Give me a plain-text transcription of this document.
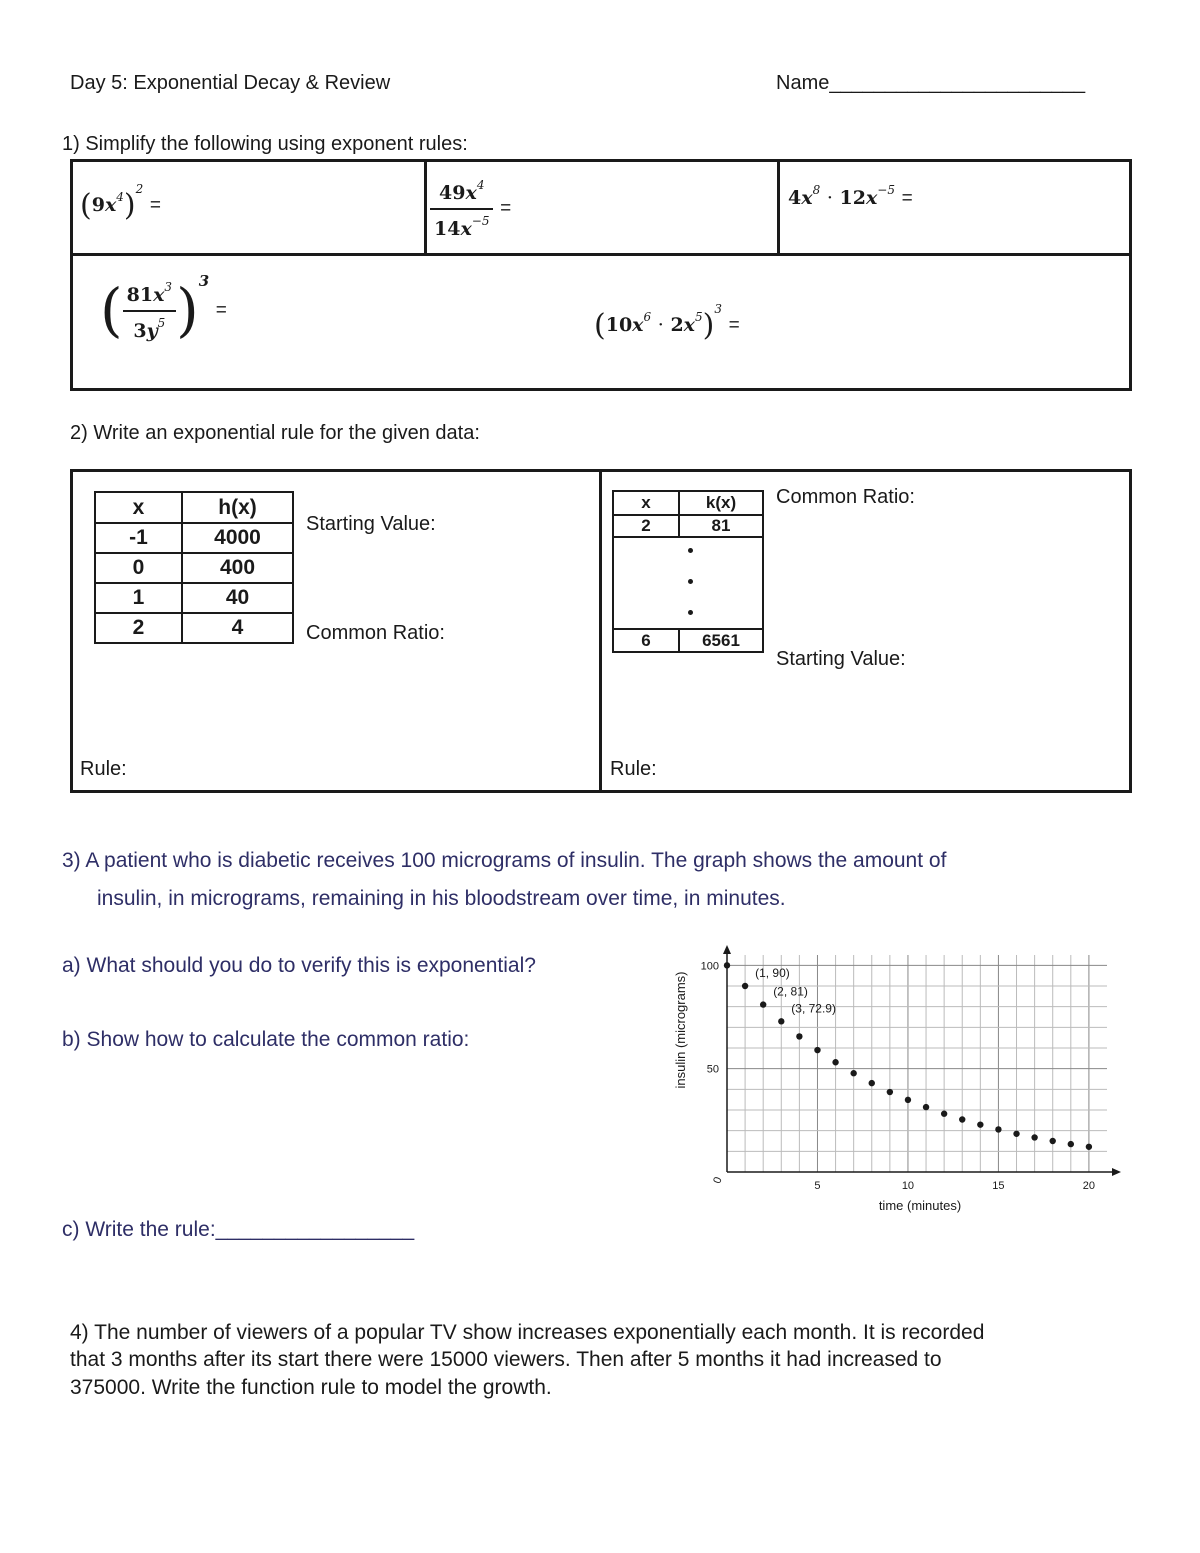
Day 5: Exponential Decay & Review	Name_______________________
1) Simplify the following using exponent rules:
$(9x^4)^2$ =	$\frac{49x^4}{14x^{-5}}$ =	$4x^8 \cdot 12x^{-5}$ =
( $\frac{81x^3}{3y^5} )^3$ =	$(10x^6 \cdot 2x^5)^3$ =
2) Write an exponential rule for the given data:
x	h(x)
-1	4000
0	400
1	40
2	4
Starting Value:
Common Ratio:
Rule:
x	k(x)
2	81
6	6561
Common Ratio:
Starting Value:
Rule:
3) A patient who is diabetic receives 100 micrograms of insulin. The graph shows the amount of
insulin, in micrograms, remaining in his bloodstream over time, in minutes.
a) What should you do to verify this is exponential?
b) Show how to calculate the common ratio:
c) Write the rule:_________________
5	10	15	20
50
100
0
(1, 90)
(2, 81)
(3, 72.9)
time (minutes)
insulin (micrograms)
4) The number of viewers of a popular TV show increases exponentially each month. It is recorded
that 3 months after its start there were 15000 viewers. Then after 5 months it had increased to
375000. Write the function rule to model the growth.
